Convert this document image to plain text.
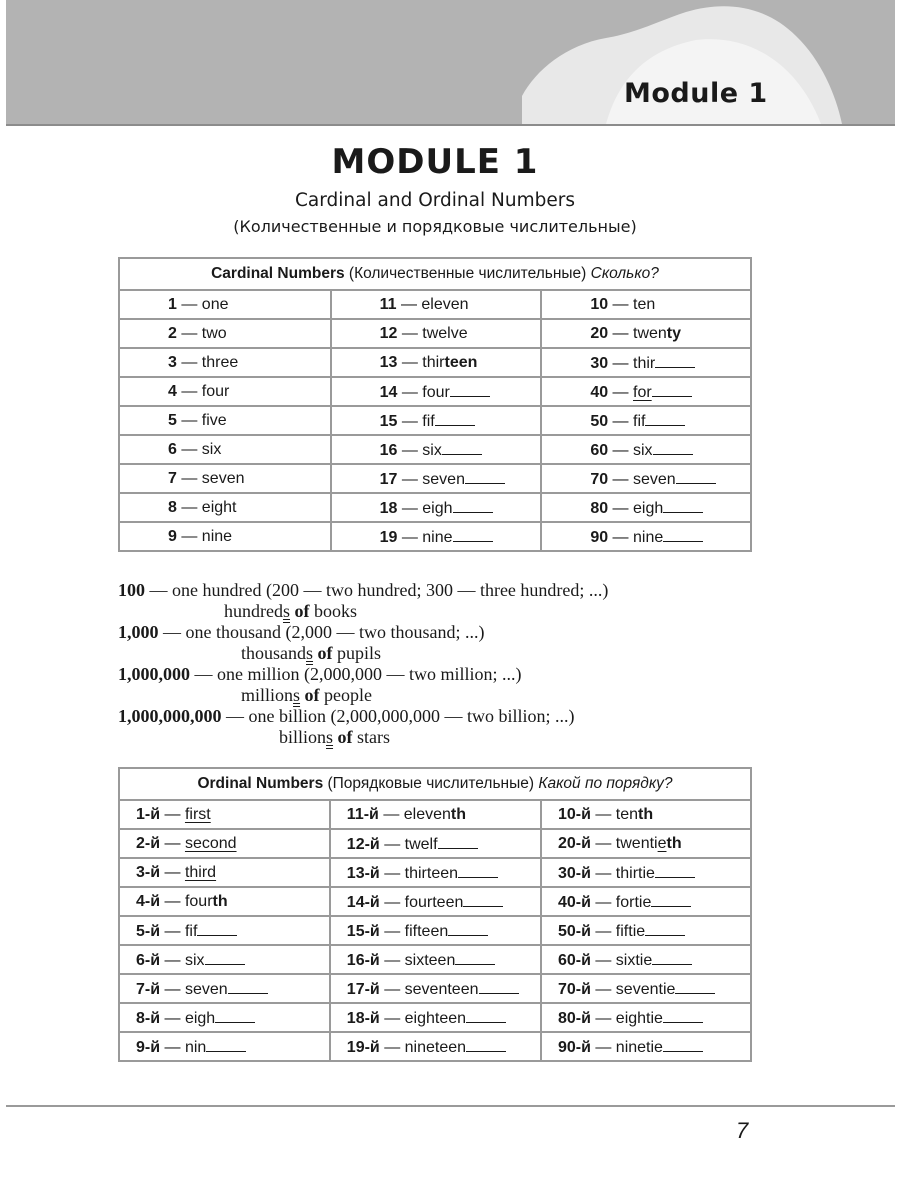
Module 1
MODULE 1
Cardinal and Ordinal Numbers
(Количественные и порядковые числительные)
Cardinal Numbers (Количественные числительные) Сколько?		
1 — one	11 — eleven	10 — ten
2 — two	12 — twelve	20 — twenty
3 — three	13 — thirteen	30 — thir
4 — four	14 — four	40 — for
5 — five	15 — fif	50 — fif
6 — six	16 — six	60 — six
7 — seven	17 — seven	70 — seven
8 — eight	18 — eigh	80 — eigh
9 — nine	19 — nine	90 — nine
100 — one hundred (200 — two hundred; 300 — three hundred; ...)
hundreds of books
1,000 — one thousand (2,000 — two thousand; ...)
thousands of pupils
1,000,000 — one million (2,000,000 — two million; ...)
millions of people
1,000,000,000 — one billion (2,000,000,000 — two billion; ...)
billions of stars
Ordinal Numbers (Порядковые числительные) Какой по порядку?		
1-й — first	11-й — eleventh	10-й — tenth
2-й — second	12-й — twelf	20-й — twentieth
3-й — third	13-й — thirteen	30-й — thirtie
4-й — fourth	14-й — fourteen	40-й — fortie
5-й — fif	15-й — fifteen	50-й — fiftie
6-й — six	16-й — sixteen	60-й — sixtie
7-й — seven	17-й — seventeen	70-й — seventie
8-й — eigh	18-й — eighteen	80-й — eightie
9-й — nin	19-й — nineteen	90-й — ninetie
7
